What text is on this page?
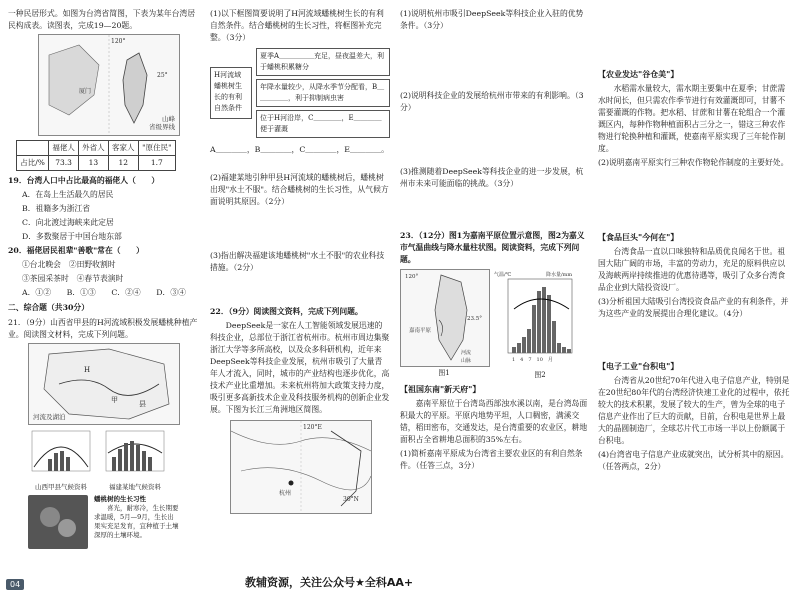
一种民居形式。如图为台湾省简图，下表为某年台湾居民构成表。读图表，完成19—20题。

120°
25°
厦门
山峰
省级界线
	福佬人	外省人	客家人	"原住民"
占比/%	73.3	13	12	1.7

19．台湾人口中占比最高的福佬人（　　）

A．在岛上生活最久的居民

B．祖籍多为浙江省

C．向北渡过海峡来此定居

D．多数聚居于中国台地东部

20．福佬居民祖辈"善歌"常在（　　）

①台北晚会　②田野收割时

③茶园采茶时　④春节表演时

A．①②　　B．①③　　C．②④　　D．③④

二、综合题（共30分）

21．（9分）山西省甲县的H河流域积极发展蟠桃种植产业。阅读图文材料，完成下列问题。

H
甲	县
河流及湖泊
山西甲县气候资料	福建某地气候资料
蟠桃树的生长习性
喜光，耐寒冷，生长期要求温暖，5月—9月，生长出果实充足发育，宜种植于土壤深厚的土壤环境。

(1)以下框图简要说明了H河流域蟠桃树生长的有利自然条件。结合蟠桃树的生长习性，将框图补充完整。（3分）

H河流域蟠桃树生长的有利自然条件
夏季A＿＿＿＿＿充足，昼夜温差大，利于蟠桃积累糖分
年降水量较少，从降水季节分配看，B＿＿＿＿＿，利于抑制病虫害
位于H河沿岸，C＿＿＿＿，E＿＿＿＿便于灌溉

A＿＿＿＿，B＿＿＿＿，C＿＿＿＿，E＿＿＿＿。

(2)福建某地引种甲县H河流域的蟠桃树后，蟠桃树出现"水土不服"。结合蟠桃树的生长习性，从气候方面说明其原因。（2分）

(3)指出解决福建该地蟠桃树"水土不服"的农业科技措施。（2分）

22．（9分）阅读图文资料，完成下列问题。

DeepSeek是一家在人工智能领域发展迅速的科技企业，总部位于浙江省杭州市。杭州市周边集聚浙江大学等多所高校，以及众多科研机构，近年来DeepSeek等科技企业发展，杭州市吸引了大量青年人才流入，同时，城市的产业结构也逐步优化，高技术产业比重增加。未来杭州将加大政策支持力度，吸引更多高新技术企业及科技服务机构的创新企业发展。下图为长江三角洲地区简图。

120°E
30°N
杭州

(1)说明杭州市吸引DeepSeek等科技企业入驻的优势条件。（3分）

(2)说明科技企业的发展给杭州市带来的有利影响。（3分）

(3)推测随着DeepSeek等科技企业的进一步发展，杭州市未来可能面临的挑战。（3分）

23．（12分）图1为嘉南平原位置示意图，图2为嘉义市气温曲线与降水量柱状图。阅读资料，完成下列问题。

120°
23.5°
嘉南平原
河流
山脉
图1
气温/℃	降水量/mm
1　4　7　10　月
图2

【祖国东南"新天府"】

嘉南平原位于台湾岛西部浊水溪以南，是台湾岛面积最大的平原。平原内地势平坦，人口稠密，满溪交错，稻田密布，交通发达，是台湾重要的农业区，耕地面积占全省耕地总面积的35%左右。

(1)简析嘉南平原成为台湾省主要农业区的有利自然条件。（任答三点，3分）

【农业发达"谷仓美"】

水稻需水量较大，需水期主要集中在夏季；甘蔗需水时间长，但只需农作季节进行有效灌溉即可，甘薯不需要灌溉的作物。把水稻、甘蔗和甘薯在轮组合一个灌溉区内，每种作物种植面积占三分之一，错这三种农作物进行轮换种植和灌溉，使嘉南平原实现了三年轮作制度。

(2)说明嘉南平原实行三种农作物轮作制度的主要好处。

【食品巨头"今何在"】

台湾食品一直以口味独特和品质优良闻名于世。祖国大陆广阔的市场，丰富的劳动力，充足的原料供应以及海峡两岸持续推进的优惠待遇等，吸引了众多台湾食品企业到大陆投资设厂。

(3)分析祖国大陆吸引台湾投资食品产业的有利条件，并为这些产业的发展提出合理化建议。（4分）

【电子工业"台积电"】

台湾省从20世纪70年代进入电子信息产业，特别是在20世纪80年代的台湾经济快速工业化的过程中，依托较大的技术积累，发展了较大的生产，曾为全球的电子信息产业作出了巨大的贡献，目前，台积电是世界上最大的晶圆制造厂，全球芯片代工市场一半以上份额属于台积电。

(4)台湾省电子信息产业成就突出，试分析其中的原因。（任答两点，2分）

04	教辅资源，关注公众号★全科AA+
